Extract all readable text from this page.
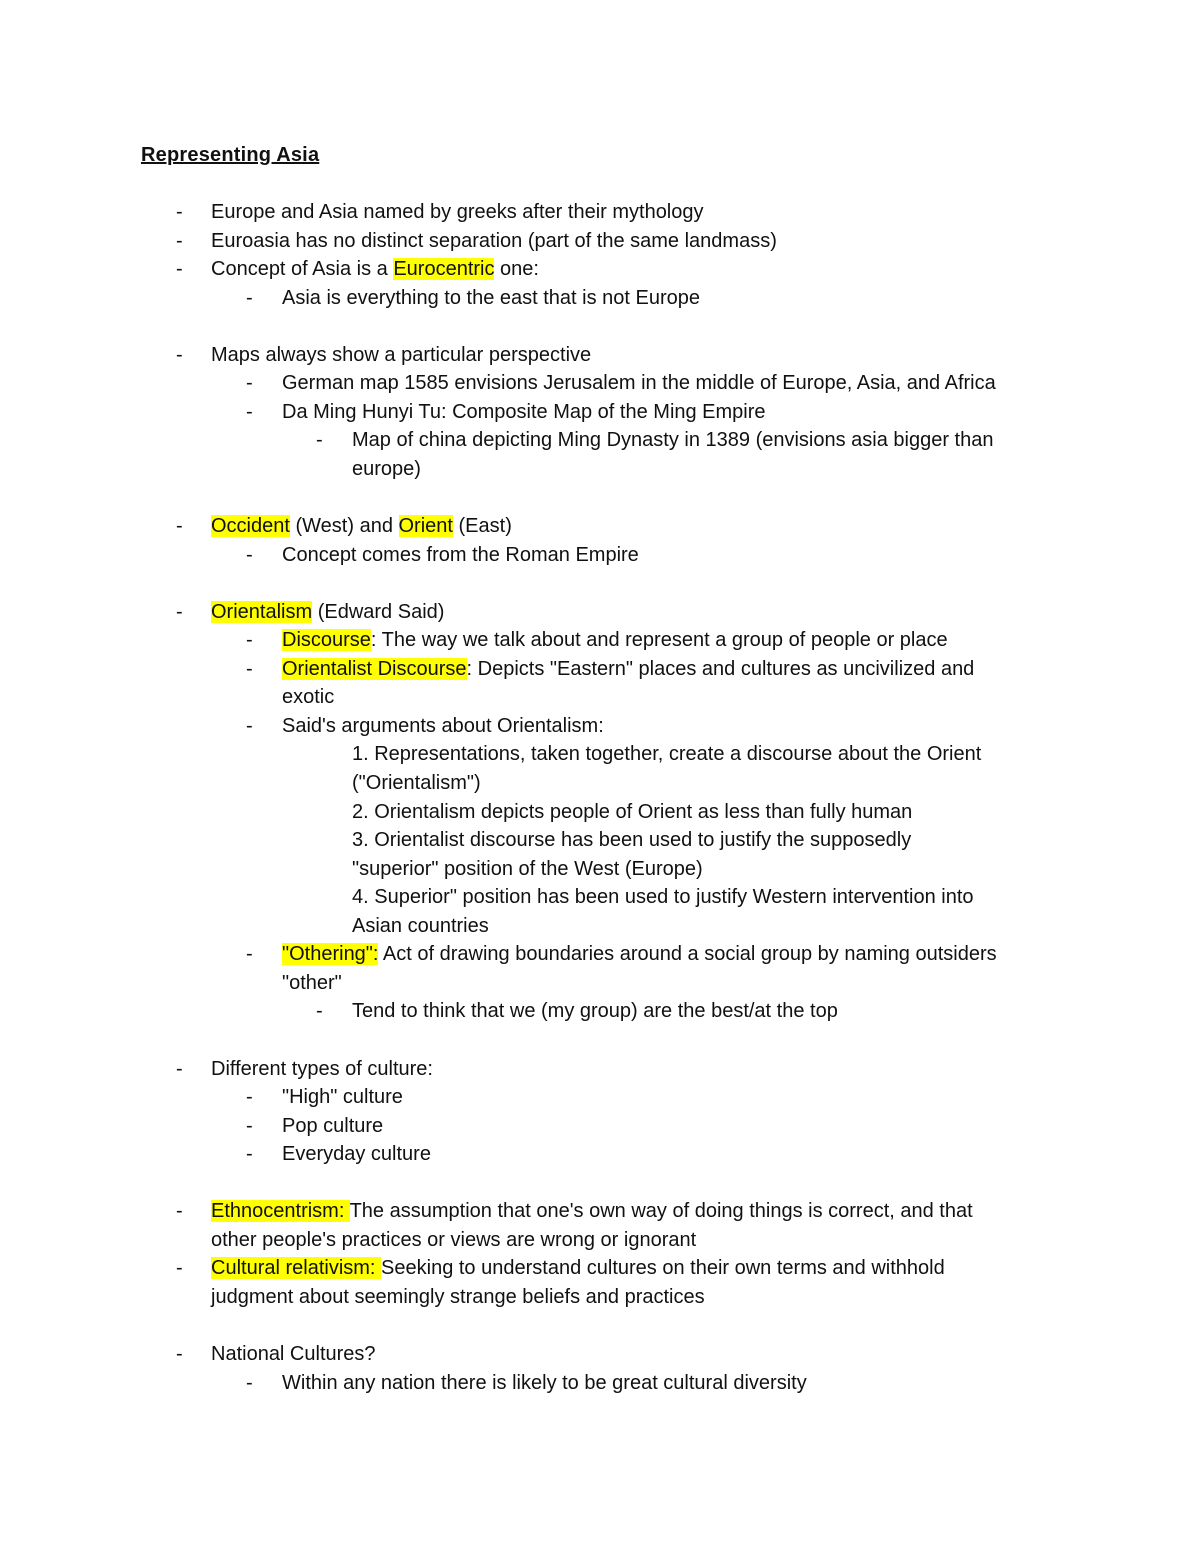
Representing Asia
- Europe and Asia named by greeks after their mythology
- Euroasia has no distinct separation (part of the same landmass)
- Concept of Asia is a Eurocentric one:
- Asia is everything to the east that is not Europe
- Maps always show a particular perspective
- German map 1585 envisions Jerusalem in the middle of Europe, Asia, and Africa
- Da Ming Hunyi Tu: Composite Map of the Ming Empire
- Map of china depicting Ming Dynasty in 1389 (envisions asia bigger than
europe)
- Occident (West) and Orient (East)
- Concept comes from the Roman Empire
- Orientalism (Edward Said)
- Discourse: The way we talk about and represent a group of people or place
- Orientalist Discourse: Depicts "Eastern" places and cultures as uncivilized and
exotic
- Said's arguments about Orientalism:
1. Representations, taken together, create a discourse about the Orient
("Orientalism")
2. Orientalism depicts people of Orient as less than fully human
3. Orientalist discourse has been used to justify the supposedly
"superior" position of the West (Europe)
4. Superior" position has been used to justify Western intervention into
Asian countries
- "Othering": Act of drawing boundaries around a social group by naming outsiders
"other"
- Tend to think that we (my group) are the best/at the top
- Different types of culture:
- "High" culture
- Pop culture
- Everyday culture
- Ethnocentrism: The assumption that one's own way of doing things is correct, and that
other people's practices or views are wrong or ignorant
- Cultural relativism: Seeking to understand cultures on their own terms and withhold
judgment about seemingly strange beliefs and practices
- National Cultures?
- Within any nation there is likely to be great cultural diversity
